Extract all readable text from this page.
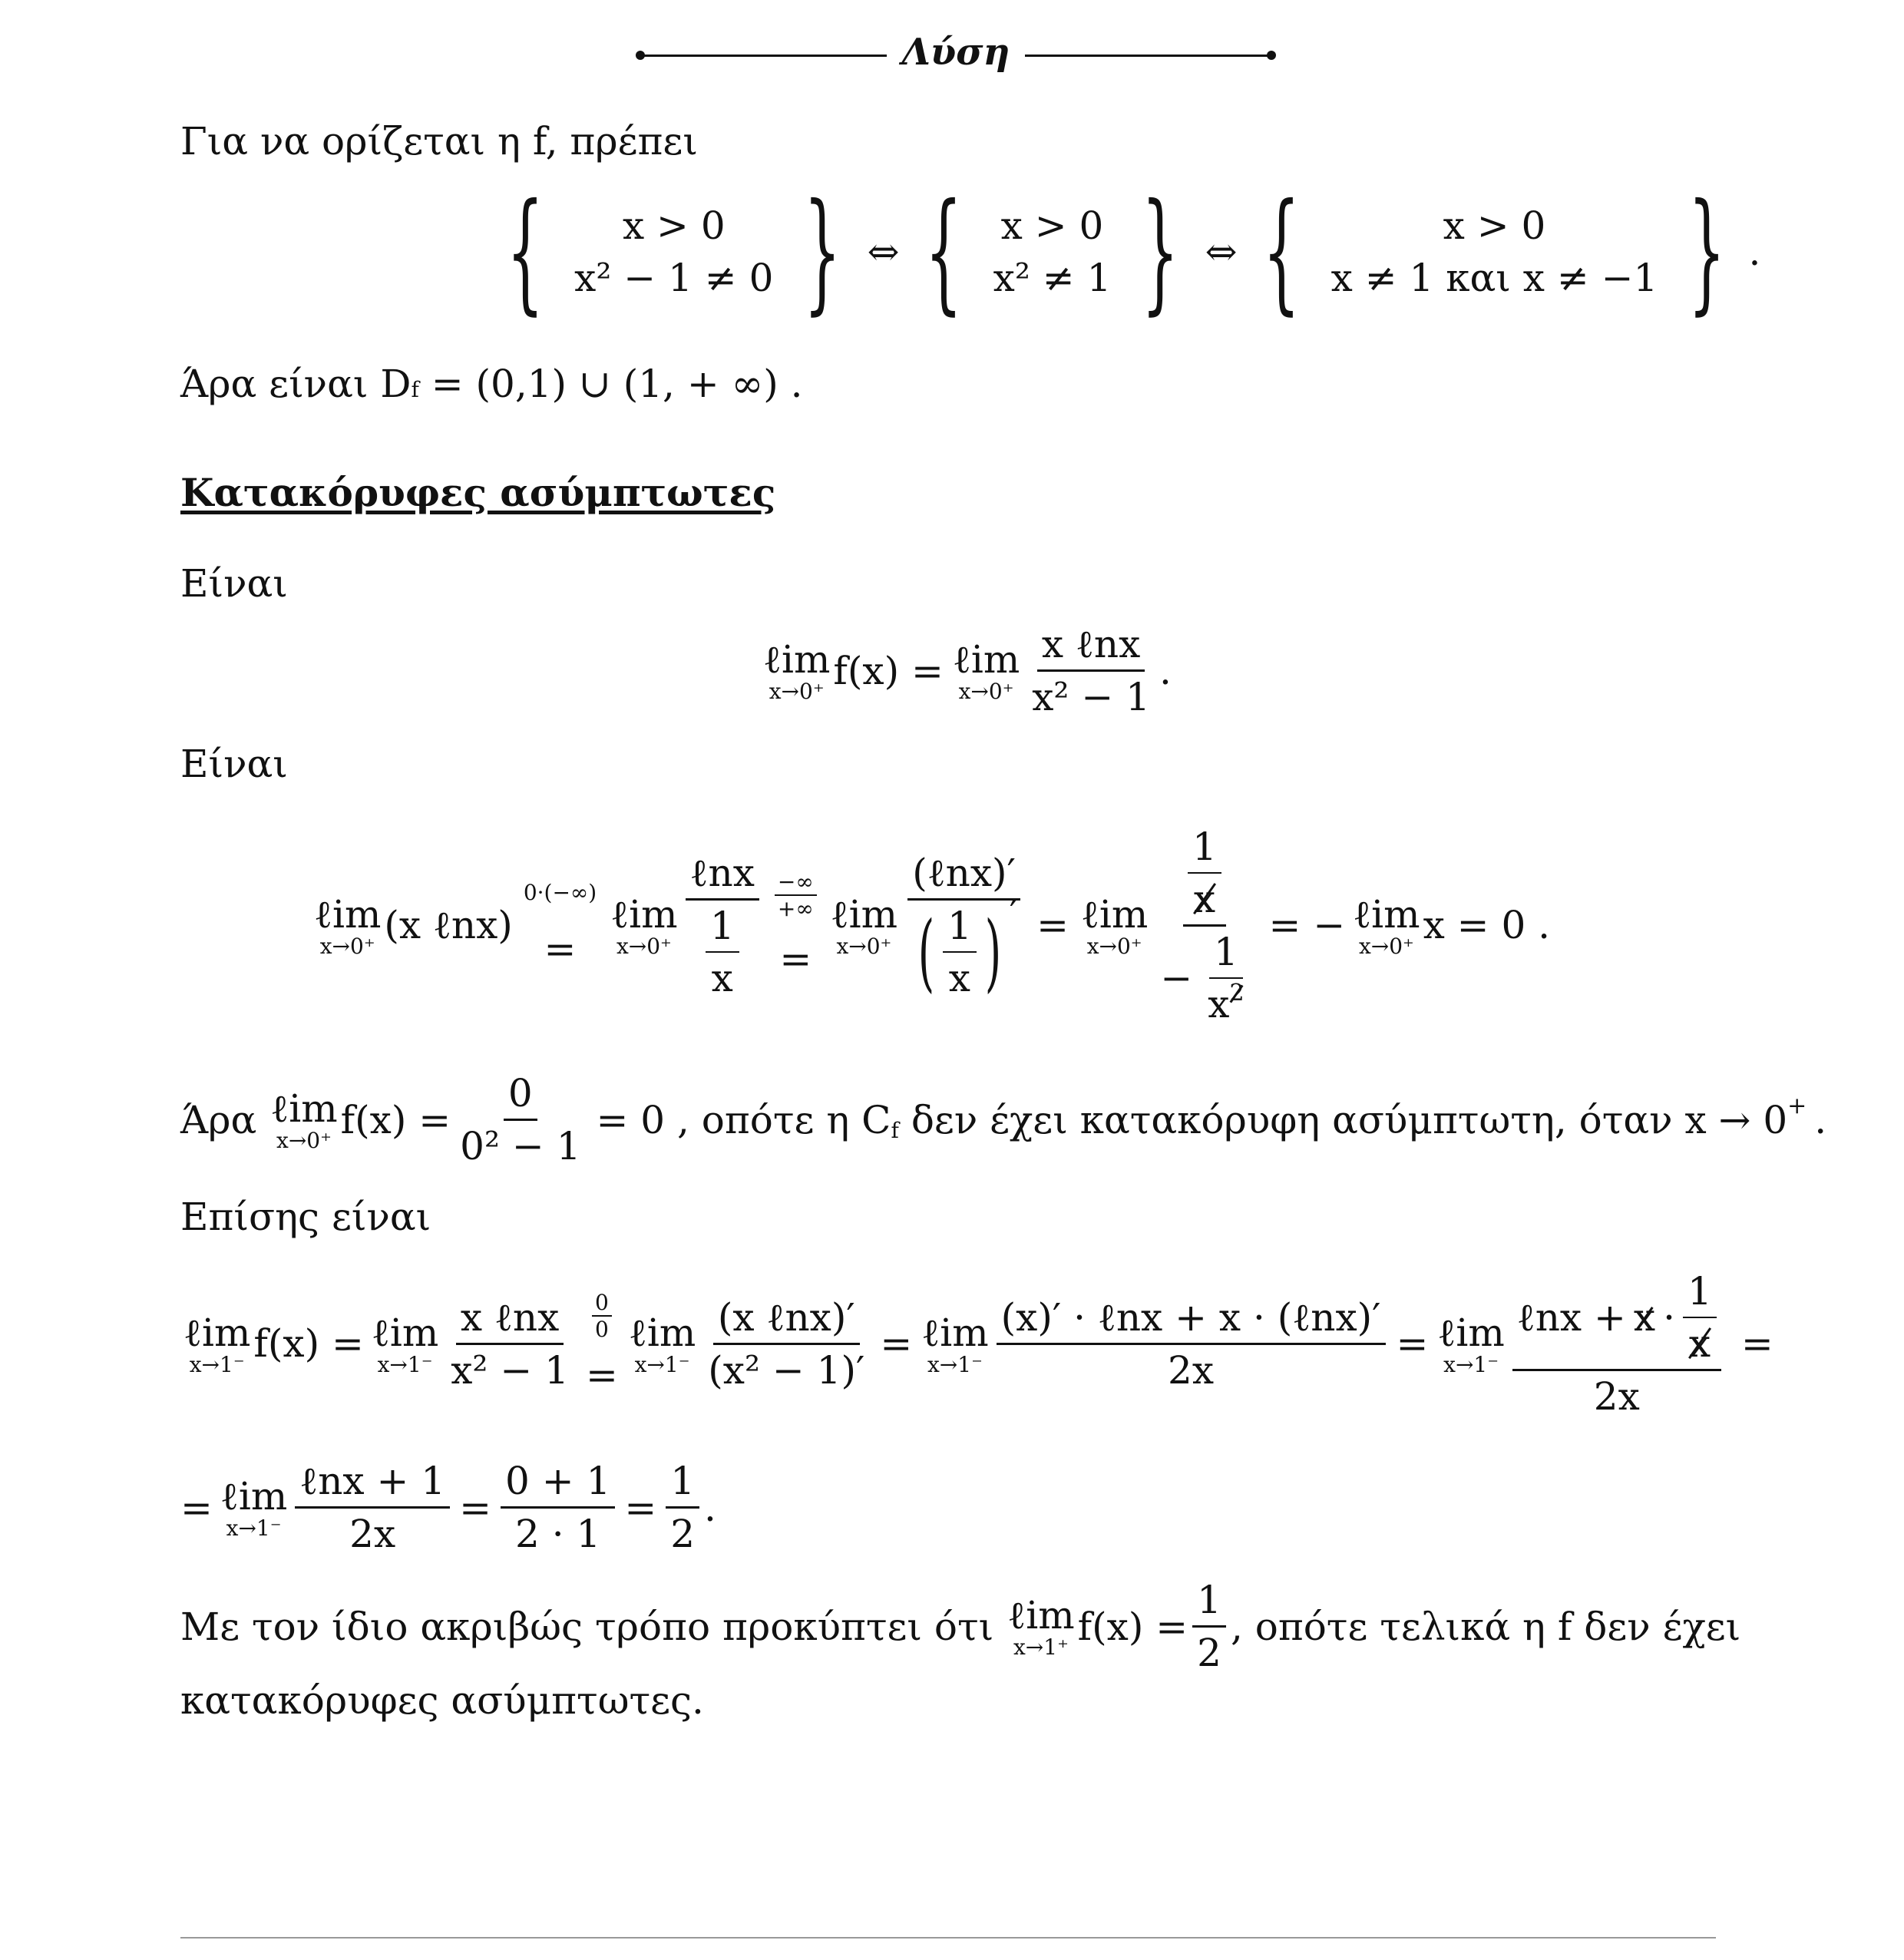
Λύση
Για να ορίζεται η f, πρέπει
{ x > 0
x² − 1 ≠ 0 } ⇔ { x > 0
x² ≠ 1 } ⇔ {	x > 0
x ≠ 1 και x ≠ −1 } .
Άρα είναι Df = (0,1) ∪ (1, + ∞) .
Κατακόρυφες ασύμπτωτες
Είναι
ℓim
x→0⁺ f(x) = ℓim
$x\to 0^+ \frac{\text{x ℓnx}}{\text{x² − 1}}$ .
Είναι
ℓim
x→0⁺ (x ℓnx)
0·(−∞)
=
ℓim
$x\to 0^+ \frac{\text{ℓnx}}{\frac{1}{x}}$ −∞
+∞
=
ℓim
$x\to 0^+ \frac{\text{(ℓnx)′}}{( \frac{1}{x} ) '}$ = ℓim
$x\to 0^+ \frac{\frac{1}{x}}{- \frac{1}{x2}}$ = − ℓim
x→0⁺ x = 0 .
Άρα ℓim
x→0⁺ $f(x) = \frac{0}{\text{0² − 1}} = 0$ , οπότε η C f δεν έχει κατακόρυφη ασύμπτωτη, όταν x → 0 + .
Επίσης είναι
ℓim
x→1⁻ f(x) = ℓim
$x\to 1^- \frac{\text{x ℓnx}}{\text{x² − 1}} \frac{0}{0}$
=
ℓim
$x\to 1^- \frac{\text{(x ℓnx)′}}{\text{(x² − 1)′}}$ = ℓim
$x\to 1^- \frac{\text{(x)′ · ℓnx + x · (ℓnx)′}}{2x}$ = ℓim
$x\to 1^- \frac{\ell nx + x \cdot \frac{1}{x}}{2x}$ =
= ℓim
$x\to 1^- \frac{\text{ℓnx + 1}}{2x} = \frac{0 + 1}{2 \cdot 1} = \frac{1}{2}$ .
Με τον ίδιο ακριβώς τρόπο προκύπτει ότι ℓim
x→1⁺ $f(x) = \frac{1}{2}$ , οπότε τελικά η f δεν έχει
κατακόρυφες ασύμπτωτες.
